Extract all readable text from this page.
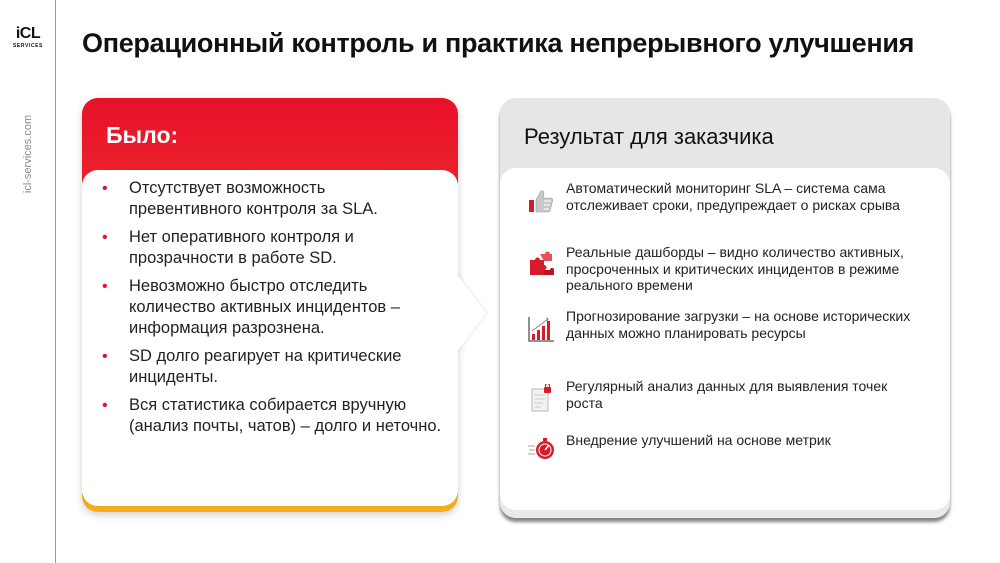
iCL
SERVICES
icl-services.com
Операционный контроль и практика непрерывного улучшения
Было:
• Отсутствует возможность превентивного контроля за SLA.
• Нет оперативного контроля и прозрачности в работе SD.
• Невозможно быстро отследить количество активных инцидентов – информация разрознена.
• SD долго реагирует на критические инциденты.
• Вся статистика собирается вручную (анализ почты, чатов) – долго и неточно.
Результат для заказчика
Автоматический мониторинг SLA – система сама отслеживает сроки, предупреждает о рисках срыва
Реальные дашборды – видно количество активных, просроченных и критических инцидентов в режиме реального времени
Прогнозирование загрузки – на основе исторических данных можно планировать ресурсы
Регулярный анализ данных для выявления точек роста
Внедрение улучшений на основе метрик
